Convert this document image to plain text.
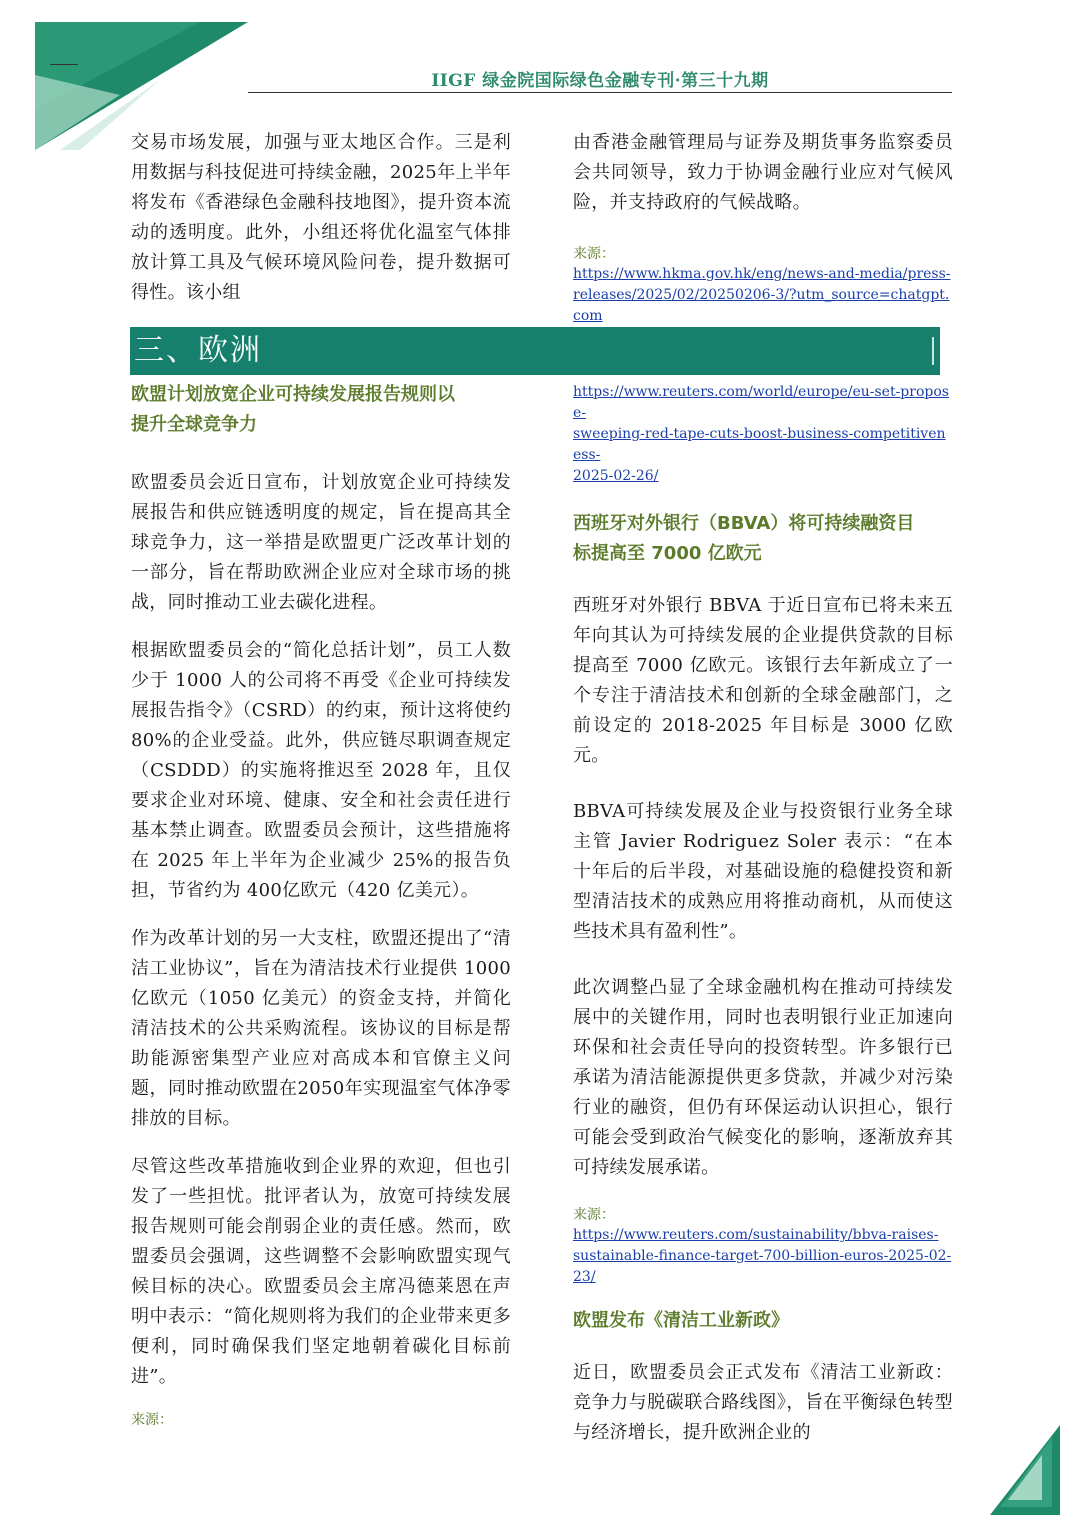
IIGF 绿金院国际绿色金融专刊·第三十九期

交易市场发展，加强与亚太地区合作。三是利用数据与科技促进可持续金融，2025年上半年将发布《香港绿色金融科技地图》，提升资本流动的透明度。此外，小组还将优化温室气体排放计算工具及气候环境风险问卷，提升数据可得性。该小组

由香港金融管理局与证券及期货事务监察委员会共同领导，致力于协调金融行业应对气候风险，并支持政府的气候战略。

来源：

https://www.hkma.gov.hk/eng/news-and-media/press-
releases/2025/02/20250206-3/?utm_source=chatgpt.com
三、欧洲

欧盟计划放宽企业可持续发展报告规则以
提升全球竞争力

欧盟委员会近日宣布，计划放宽企业可持续发展报告和供应链透明度的规定，旨在提高其全球竞争力，这一举措是欧盟更广泛改革计划的一部分，旨在帮助欧洲企业应对全球市场的挑战，同时推动工业去碳化进程。

根据欧盟委员会的“简化总括计划”，员工人数少于 1000 人的公司将不再受《企业可持续发展报告指令》（CSRD）的约束，预计这将使约 80%的企业受益。此外，供应链尽职调查规定（CSDDD）的实施将推迟至 2028 年，且仅要求企业对环境、健康、安全和社会责任进行基本禁止调查。欧盟委员会预计，这些措施将在 2025 年上半年为企业减少 25%的报告负担，节省约为 400亿欧元（420 亿美元）。

作为改革计划的另一大支柱，欧盟还提出了“清洁工业协议”，旨在为清洁技术行业提供 1000 亿欧元（1050 亿美元）的资金支持，并简化清洁技术的公共采购流程。该协议的目标是帮助能源密集型产业应对高成本和官僚主义问题，同时推动欧盟在2050年实现温室气体净零排放的目标。

尽管这些改革措施收到企业界的欢迎，但也引发了一些担忧。批评者认为，放宽可持续发展报告规则可能会削弱企业的责任感。然而，欧盟委员会强调，这些调整不会影响欧盟实现气候目标的决心。欧盟委员会主席冯德莱恩在声明中表示：“简化规则将为我们的企业带来更多便利，同时确保我们坚定地朝着碳化目标前进”。

来源：

https://www.reuters.com/world/europe/eu-set-propose-
sweeping-red-tape-cuts-boost-business-competitiveness-
2025-02-26/

西班牙对外银行（BBVA）将可持续融资目
标提高至 7000 亿欧元

西班牙对外银行 BBVA 于近日宣布已将未来五年向其认为可持续发展的企业提供贷款的目标提高至 7000 亿欧元。该银行去年新成立了一个专注于清洁技术和创新的全球金融部门，之前设定的 2018-2025 年目标是 3000 亿欧元。

BBVA可持续发展及企业与投资银行业务全球主管 Javier Rodriguez Soler 表示：“在本十年后的后半段，对基础设施的稳健投资和新型清洁技术的成熟应用将推动商机，从而使这些技术具有盈利性”。

此次调整凸显了全球金融机构在推动可持续发展中的关键作用，同时也表明银行业正加速向环保和社会责任导向的投资转型。许多银行已承诺为清洁能源提供更多贷款，并减少对污染行业的融资，但仍有环保运动认识担心，银行可能会受到政治气候变化的影响，逐渐放弃其可持续发展承诺。

来源：

https://www.reuters.com/sustainability/bbva-raises-
sustainable-finance-target-700-billion-euros-2025-02-23/

欧盟发布《清洁工业新政》

近日，欧盟委员会正式发布《清洁工业新政：竞争力与脱碳联合路线图》，旨在平衡绿色转型与经济增长，提升欧洲企业的
